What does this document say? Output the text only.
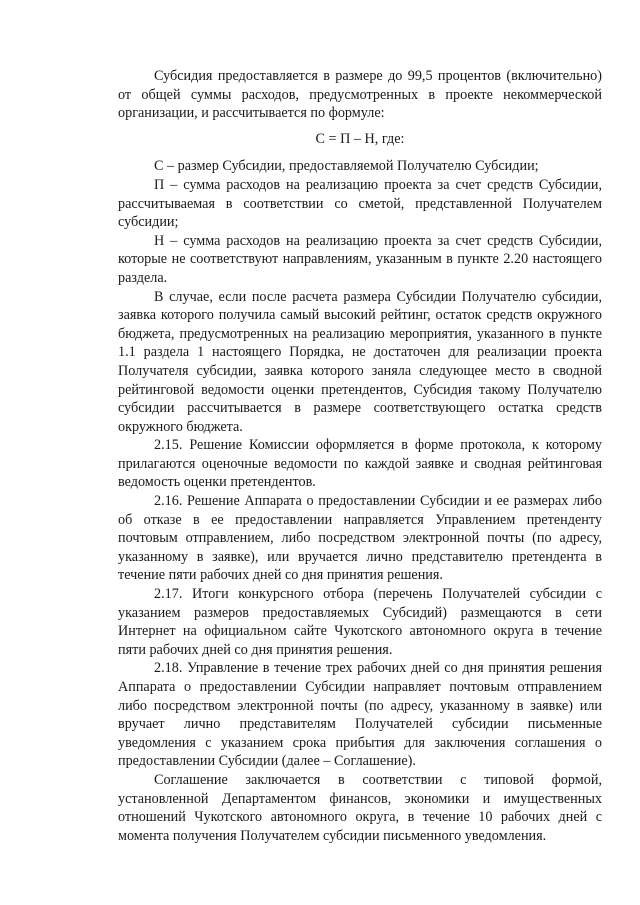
Субсидия предоставляется в размере до 99,5 процентов (включительно) от общей суммы расходов, предусмотренных в проекте некоммерческой организации, и рассчитывается по формуле:

С = П – Н, где:

С – размер Субсидии, предоставляемой Получателю Субсидии;

П – сумма расходов на реализацию проекта за счет средств Субсидии, рассчитываемая в соответствии со сметой, представленной Получателем субсидии;

Н – сумма расходов на реализацию проекта за счет средств Субсидии, которые не соответствуют направлениям, указанным в пункте 2.20 настоящего раздела.

В случае, если после расчета размера Субсидии Получателю субсидии, заявка которого получила самый высокий рейтинг, остаток средств окружного бюджета, предусмотренных на реализацию мероприятия, указанного в пункте 1.1 раздела 1 настоящего Порядка, не достаточен для реализации проекта Получателя субсидии, заявка которого заняла следующее место в сводной рейтинговой ведомости оценки претендентов, Субсидия такому Получателю субсидии рассчитывается в размере соответствующего остатка средств окружного бюджета.

2.15. Решение Комиссии оформляется в форме протокола, к которому прилагаются оценочные ведомости по каждой заявке и сводная рейтинговая ведомость оценки претендентов.

2.16. Решение Аппарата о предоставлении Субсидии и ее размерах либо об отказе в ее предоставлении направляется Управлением претенденту почтовым отправлением, либо посредством электронной почты (по адресу, указанному в заявке), или вручается лично представителю претендента в течение пяти рабочих дней со дня принятия решения.

2.17. Итоги конкурсного отбора (перечень Получателей субсидии с указанием размеров предоставляемых Субсидий) размещаются в сети Интернет на официальном сайте Чукотского автономного округа в течение пяти рабочих дней со дня принятия решения.

2.18. Управление в течение трех рабочих дней со дня принятия решения Аппарата о предоставлении Субсидии направляет почтовым отправлением либо посредством электронной почты (по адресу, указанному в заявке) или вручает лично представителям Получателей субсидии письменные уведомления с указанием срока прибытия для заключения соглашения о предоставлении Субсидии (далее – Соглашение).

Соглашение заключается в соответствии с типовой формой, установленной Департаментом финансов, экономики и имущественных отношений Чукотского автономного округа, в течение 10 рабочих дней с момента получения Получателем субсидии письменного уведомления.
